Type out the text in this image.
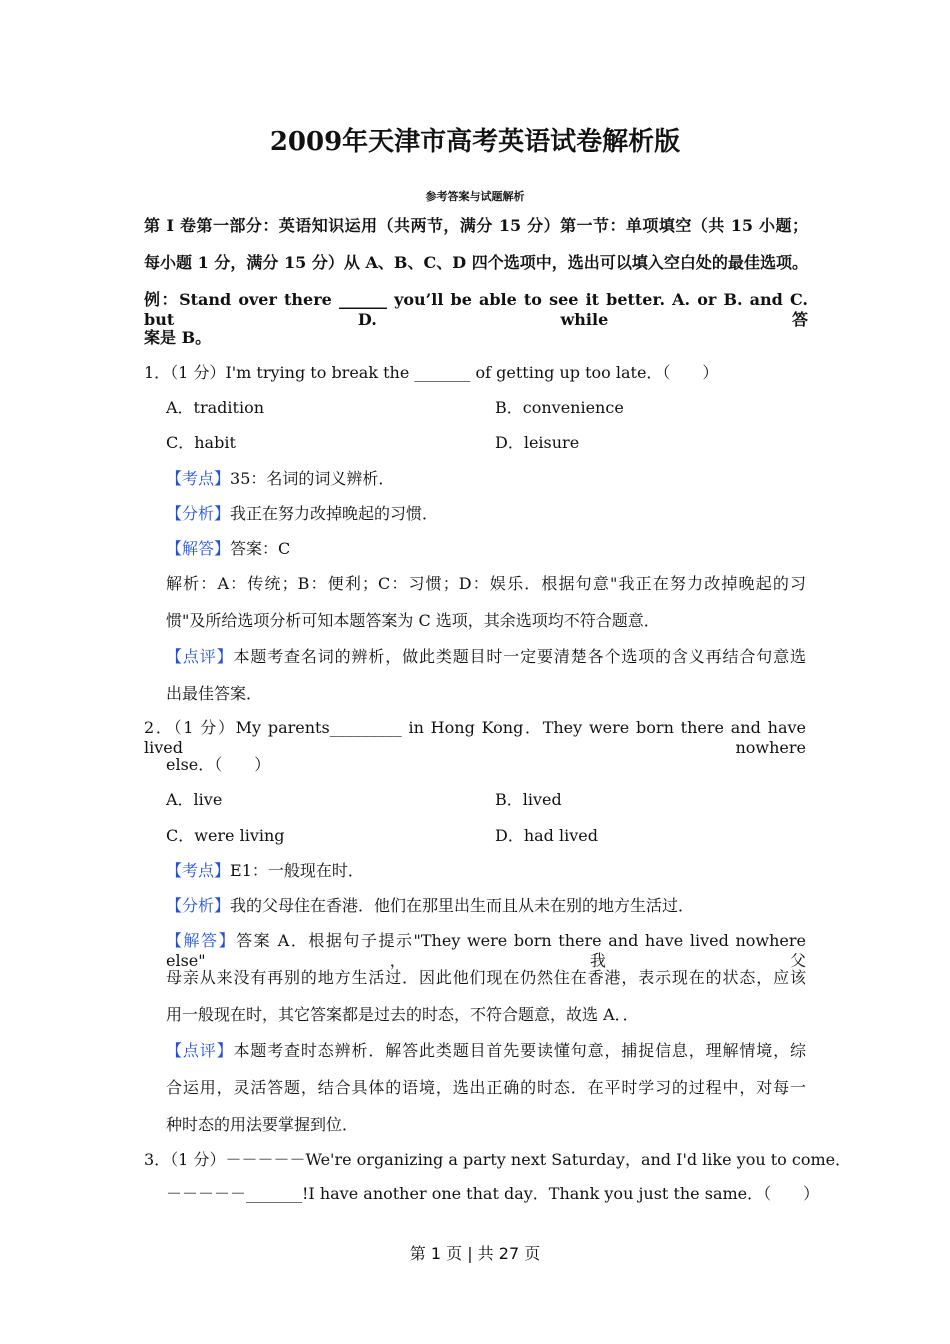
2009年天津市高考英语试卷解析版
参考答案与试题解析
第 I 卷第一部分：英语知识运用（共两节，满分 15 分）第一节：单项填空（共 15 小题；
每小题 1 分，满分 15 分）从 A、B、C、D 四个选项中，选出可以填入空白处的最佳选项。
例：Stand over there ______ you’ll be able to see it better. A. or B. and C. but D. while 答
案是 B。
1．（1 分）I'm trying to break the _______ of getting up too late．（　　）
A．tradition	B．convenience
C．habit	D．leisure
【考点】35：名词的词义辨析．
【分析】我正在努力改掉晚起的习惯．
【解答】答案：C
解析：A：传统；B：便利；C：习惯；D：娱乐．根据句意"我正在努力改掉晚起的习
惯"及所给选项分析可知本题答案为 C 选项，其余选项均不符合题意．
【点评】本题考查名词的辨析，做此类题目时一定要清楚各个选项的含义再结合句意选
出最佳答案．
2．（1 分）My parents_________ in Hong Kong．They were born there and have lived nowhere
else．（　　）
A．live	B．lived
C．were living	D．had lived
【考点】E1：一般现在时．
【分析】我的父母住在香港．他们在那里出生而且从未在别的地方生活过．
【解答】答案 A．根据句子提示"They were born there and have lived nowhere else"，我父
母亲从来没有再别的地方生活过．因此他们现在仍然住在香港，表示现在的状态，应该
用一般现在时，其它答案都是过去的时态，不符合题意，故选 A．．
【点评】本题考查时态辨析．解答此类题目首先要读懂句意，捕捉信息，理解情境，综
合运用，灵活答题，结合具体的语境，选出正确的时态．在平时学习的过程中，对每一
种时态的用法要掌握到位．
3．（1 分）－－－－－We're organizing a party next Saturday，and I'd like you to come．
－－－－－_______!I have another one that day．Thank you just the same．（　　）
第 1 页 | 共 27 页
